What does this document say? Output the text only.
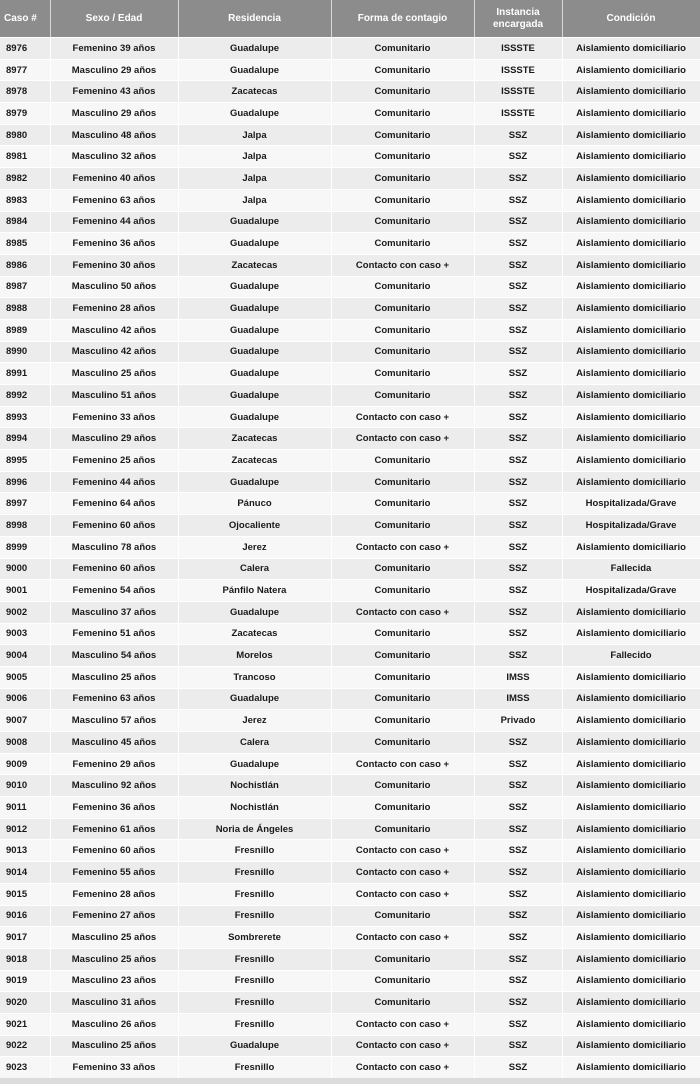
Caso #	Sexo / Edad	Residencia	Forma de contagio	Instancia encargada	Condición
8976	Femenino 39 años	Guadalupe	Comunitario	ISSSTE	Aislamiento domiciliario
8977	Masculino 29 años	Guadalupe	Comunitario	ISSSTE	Aislamiento domiciliario
8978	Femenino 43 años	Zacatecas	Comunitario	ISSSTE	Aislamiento domiciliario
8979	Masculino 29 años	Guadalupe	Comunitario	ISSSTE	Aislamiento domiciliario
8980	Masculino 48 años	Jalpa	Comunitario	SSZ	Aislamiento domiciliario
8981	Masculino 32 años	Jalpa	Comunitario	SSZ	Aislamiento domiciliario
8982	Femenino 40 años	Jalpa	Comunitario	SSZ	Aislamiento domiciliario
8983	Femenino 63 años	Jalpa	Comunitario	SSZ	Aislamiento domiciliario
8984	Femenino 44 años	Guadalupe	Comunitario	SSZ	Aislamiento domiciliario
8985	Femenino 36 años	Guadalupe	Comunitario	SSZ	Aislamiento domiciliario
8986	Femenino 30 años	Zacatecas	Contacto con caso +	SSZ	Aislamiento domiciliario
8987	Masculino 50 años	Guadalupe	Comunitario	SSZ	Aislamiento domiciliario
8988	Femenino 28 años	Guadalupe	Comunitario	SSZ	Aislamiento domiciliario
8989	Masculino 42 años	Guadalupe	Comunitario	SSZ	Aislamiento domiciliario
8990	Masculino 42 años	Guadalupe	Comunitario	SSZ	Aislamiento domiciliario
8991	Masculino 25 años	Guadalupe	Comunitario	SSZ	Aislamiento domiciliario
8992	Masculino 51 años	Guadalupe	Comunitario	SSZ	Aislamiento domiciliario
8993	Femenino 33 años	Guadalupe	Contacto con caso +	SSZ	Aislamiento domiciliario
8994	Masculino 29 años	Zacatecas	Contacto con caso +	SSZ	Aislamiento domiciliario
8995	Femenino 25 años	Zacatecas	Comunitario	SSZ	Aislamiento domiciliario
8996	Femenino 44 años	Guadalupe	Comunitario	SSZ	Aislamiento domiciliario
8997	Femenino 64 años	Pánuco	Comunitario	SSZ	Hospitalizada/Grave
8998	Femenino 60 años	Ojocaliente	Comunitario	SSZ	Hospitalizada/Grave
8999	Masculino 78 años	Jerez	Contacto con caso +	SSZ	Aislamiento domiciliario
9000	Femenino 60 años	Calera	Comunitario	SSZ	Fallecida
9001	Femenino 54 años	Pánfilo Natera	Comunitario	SSZ	Hospitalizada/Grave
9002	Masculino 37 años	Guadalupe	Contacto con caso +	SSZ	Aislamiento domiciliario
9003	Femenino 51 años	Zacatecas	Comunitario	SSZ	Aislamiento domiciliario
9004	Masculino 54 años	Morelos	Comunitario	SSZ	Fallecido
9005	Masculino 25 años	Trancoso	Comunitario	IMSS	Aislamiento domiciliario
9006	Femenino 63 años	Guadalupe	Comunitario	IMSS	Aislamiento domiciliario
9007	Masculino 57 años	Jerez	Comunitario	Privado	Aislamiento domiciliario
9008	Masculino 45 años	Calera	Comunitario	SSZ	Aislamiento domiciliario
9009	Femenino 29 años	Guadalupe	Contacto con caso +	SSZ	Aislamiento domiciliario
9010	Masculino 92 años	Nochistlán	Comunitario	SSZ	Aislamiento domiciliario
9011	Femenino 36 años	Nochistlán	Comunitario	SSZ	Aislamiento domiciliario
9012	Femenino 61 años	Noria de Ángeles	Comunitario	SSZ	Aislamiento domiciliario
9013	Femenino 60 años	Fresnillo	Contacto con caso +	SSZ	Aislamiento domiciliario
9014	Femenino 55 años	Fresnillo	Contacto con caso +	SSZ	Aislamiento domiciliario
9015	Femenino 28 años	Fresnillo	Contacto con caso +	SSZ	Aislamiento domiciliario
9016	Femenino 27 años	Fresnillo	Comunitario	SSZ	Aislamiento domiciliario
9017	Masculino 25 años	Sombrerete	Contacto con caso +	SSZ	Aislamiento domiciliario
9018	Masculino 25 años	Fresnillo	Comunitario	SSZ	Aislamiento domiciliario
9019	Masculino 23 años	Fresnillo	Comunitario	SSZ	Aislamiento domiciliario
9020	Masculino 31 años	Fresnillo	Comunitario	SSZ	Aislamiento domiciliario
9021	Masculino 26 años	Fresnillo	Contacto con caso +	SSZ	Aislamiento domiciliario
9022	Masculino 25 años	Guadalupe	Contacto con caso +	SSZ	Aislamiento domiciliario
9023	Femenino 33 años	Fresnillo	Contacto con caso +	SSZ	Aislamiento domiciliario
